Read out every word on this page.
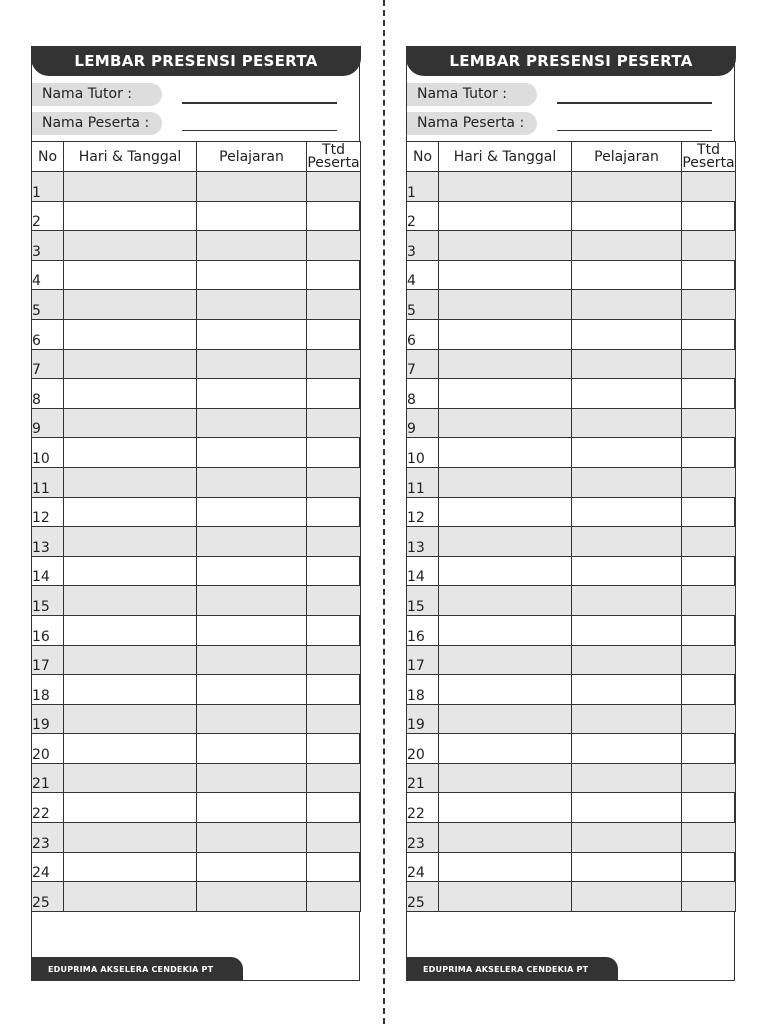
LEMBAR PRESENSI PESERTA
Nama Tutor :
Nama Peserta :
No	Hari & Tanggal	Pelajaran	Ttd
Peserta
1			
2			
3			
4			
5			
6			
7			
8			
9			
10			
11			
12			
13			
14			
15			
16			
17			
18			
19			
20			
21			
22			
23			
24			
25			
EDUPRIMA AKSELERA CENDEKIA PT
LEMBAR PRESENSI PESERTA
Nama Tutor :
Nama Peserta :
No	Hari & Tanggal	Pelajaran	Ttd
Peserta
1			
2			
3			
4			
5			
6			
7			
8			
9			
10			
11			
12			
13			
14			
15			
16			
17			
18			
19			
20			
21			
22			
23			
24			
25			
EDUPRIMA AKSELERA CENDEKIA PT
